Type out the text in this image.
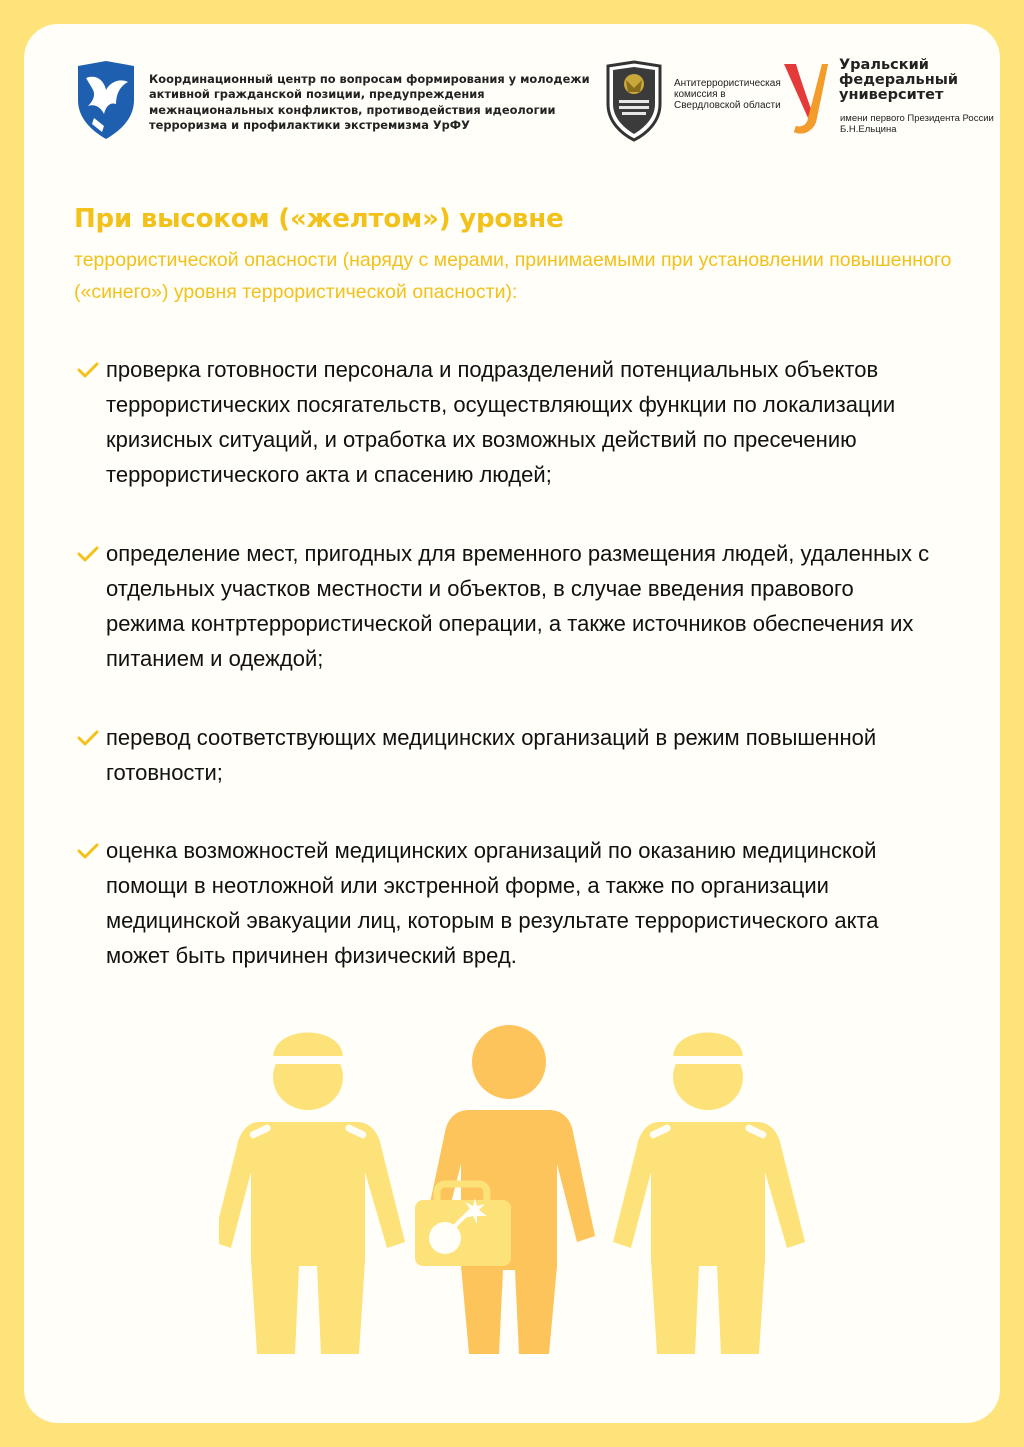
Координационный центр по вопросам формирования у молодежи активной гражданской позиции, предупреждения межнациональных конфликтов, противодействия идеологии терроризма и профилактики экстремизма УрФУ
Антитеррористическая комиссия в Свердловской области
Уральский федеральный университет
имени первого Президента России Б.Н.Ельцина
При высоком («желтом») уровне
террористической опасности (наряду с мерами, принимаемыми при установлении повышенного («синего») уровня террористической опасности):
проверка готовности персонала и подразделений потенциальных объектов террористических посягательств, осуществляющих функции по локализации кризисных ситуаций, и отработка их возможных действий по пресечению террористического акта и спасению людей;
определение мест, пригодных для временного размещения людей, удаленных с отдельных участков местности и объектов, в случае введения правового режима контртеррористической операции, а также источников обеспечения их питанием и одеждой;
перевод соответствующих медицинских организаций в режим повышенной готовности;
оценка возможностей медицинских организаций по оказанию медицинской помощи в неотложной или экстренной форме, а также по организации медицинской эвакуации лиц, которым в результате террористического акта может быть причинен физический вред.
